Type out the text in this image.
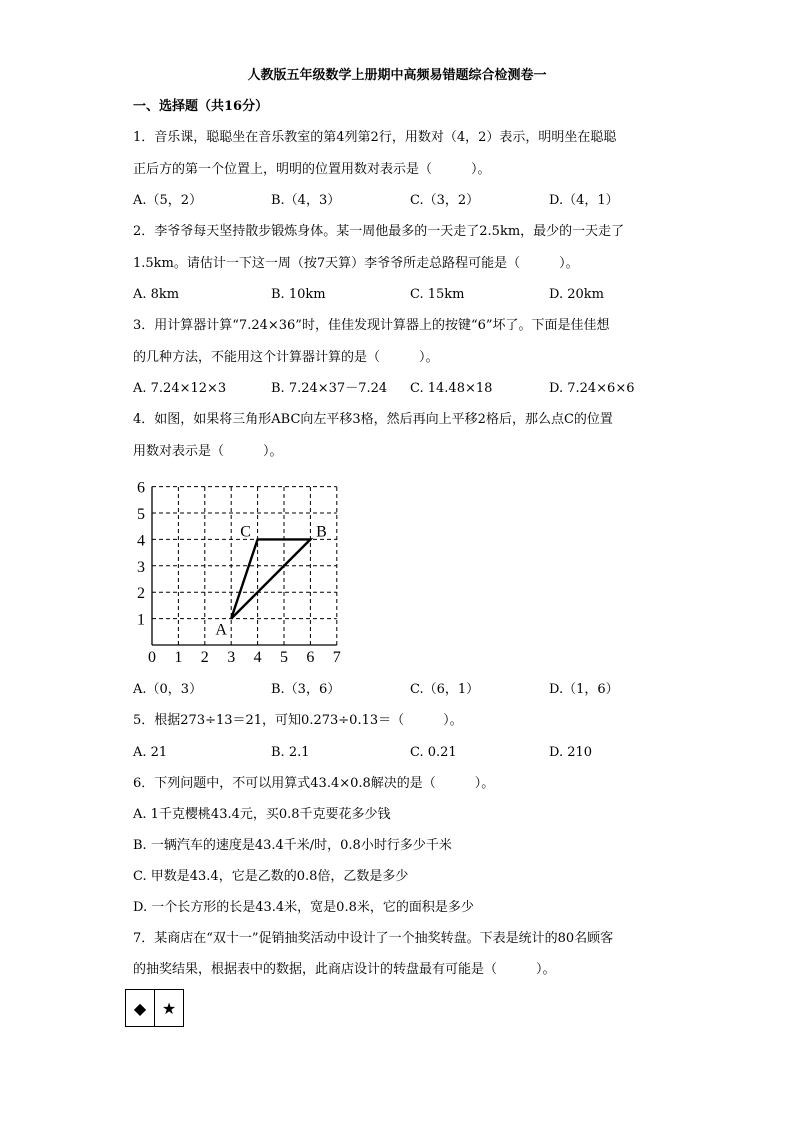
人教版五年级数学上册期中高频易错题综合检测卷一
一、选择题（共16分）
1．音乐课，聪聪坐在音乐教室的第4列第2行，用数对（4，2）表示，明明坐在聪聪
正后方的第一个位置上，明明的位置用数对表示是（　　　）。
A.（5，2）	B.（4，3）	C.（3，2）	D.（4，1）
2．李爷爷每天坚持散步锻炼身体。某一周他最多的一天走了2.5km，最少的一天走了
1.5km。请估计一下这一周（按7天算）李爷爷所走总路程可能是（　　　）。
A. 8km	B. 10km	C. 15km	D. 20km
3．用计算器计算“7.24×36”时，佳佳发现计算器上的按键“6”坏了。下面是佳佳想
的几种方法，不能用这个计算器计算的是（　　　）。
A. 7.24×12×3	B. 7.24×37－7.24 C. 14.48×18	D. 7.24×6×6
4．如图，如果将三角形ABC向左平移3格，然后再向上平移2格后，那么点C的位置
用数对表示是（　　　）。
0 1 2 3 4 5 6 7
1
2
3
4
5
6
A
B
C
A.（0，3）	B.（3，6）	C.（6，1）	D.（1，6）
5．根据273÷13＝21，可知0.273÷0.13＝（　　　）。
A. 21	B. 2.1	C. 0.21	D. 210
6．下列问题中，不可以用算式43.4×0.8解决的是（　　　）。
A. 1千克樱桃43.4元，买0.8千克要花多少钱
B. 一辆汽车的速度是43.4千米/时，0.8小时行多少千米
C. 甲数是43.4，它是乙数的0.8倍，乙数是多少
D. 一个长方形的长是43.4米，宽是0.8米，它的面积是多少
7．某商店在“双十一”促销抽奖活动中设计了一个抽奖转盘。下表是统计的80名顾客
的抽奖结果，根据表中的数据，此商店设计的转盘最有可能是（　　　）。
◆	★
